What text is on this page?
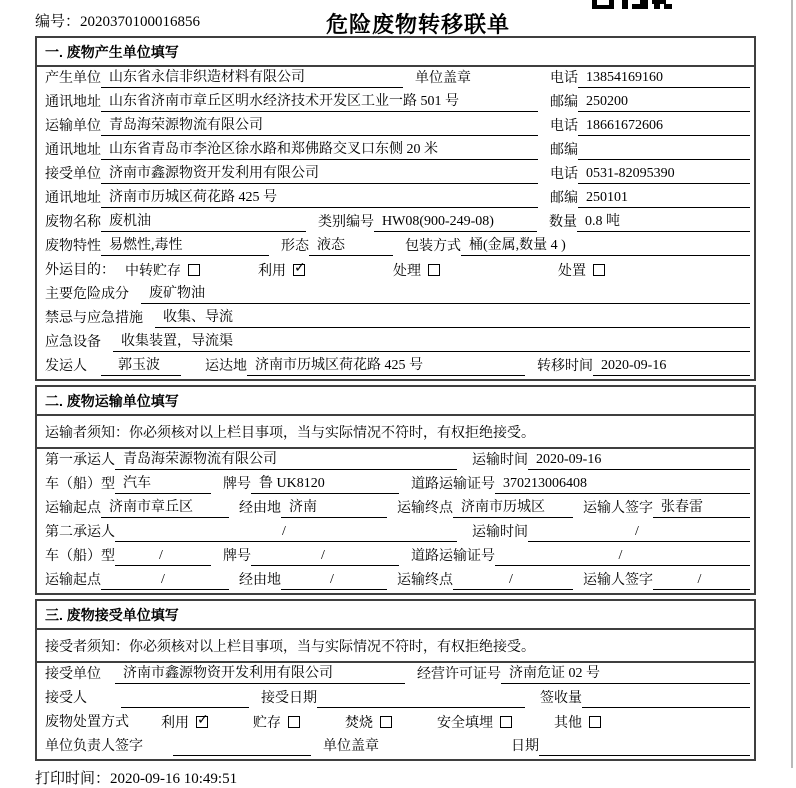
编号：2020370100016856	危险废物转移联单
一. 废物产生单位填写
产生单位 山东省永信非织造材料有限公司	单位盖章	电话 13854169160
通讯地址 山东省济南市章丘区明水经济技术开发区工业一路 501 号	邮编 250200
运输单位 青岛海荣源物流有限公司	电话 18661672606
通讯地址 山东省青岛市李沧区徐水路和郑佛路交叉口东侧 20 米	邮编
接受单位 济南市鑫源物资开发利用有限公司	电话 0531-82095390
通讯地址 济南市历城区荷花路 425 号	邮编 250101
废物名称 废机油	类别编号 HW08(900-249-08)	数量 0.8 吨
废物特性 易燃性,毒性	形态 液态	包装方式 桶(金属,数量 4 )
外运目的： 中转贮存	利用 ✓	处理	处置
主要危险成分	废矿物油
禁忌与应急措施	收集、导流
应急设备	收集装置，导流渠
发运人	郭玉波	运达地 济南市历城区荷花路 425 号	转移时间 2020-09-16
二. 废物运输单位填写
运输者须知： 你必须核对以上栏目事项，当与实际情况不符时，有权拒绝接受。
第一承运人 青岛海荣源物流有限公司	运输时间 2020-09-16
车（船）型 汽车	牌号 鲁 UK8120	道路运输证号 370213006408
运输起点 济南市章丘区	经由地 济南	运输终点 济南市历城区	运输人签字 张春雷
第二承运人	/	运输时间	/
车（船）型	/	牌号	/	道路运输证号	/
运输起点	/	经由地	/	运输终点	/	运输人签字	/
三. 废物接受单位填写
接受者须知： 你必须核对以上栏目事项，当与实际情况不符时，有权拒绝接受。
接受单位	济南市鑫源物资开发利用有限公司	经营许可证号 济南危证 02 号
接受人	接受日期	签收量
废物处置方式 利用 ✓	贮存	焚烧	安全填埋	其他
单位负责人签字	单位盖章	日期
打印时间：2020-09-16 10:49:51
